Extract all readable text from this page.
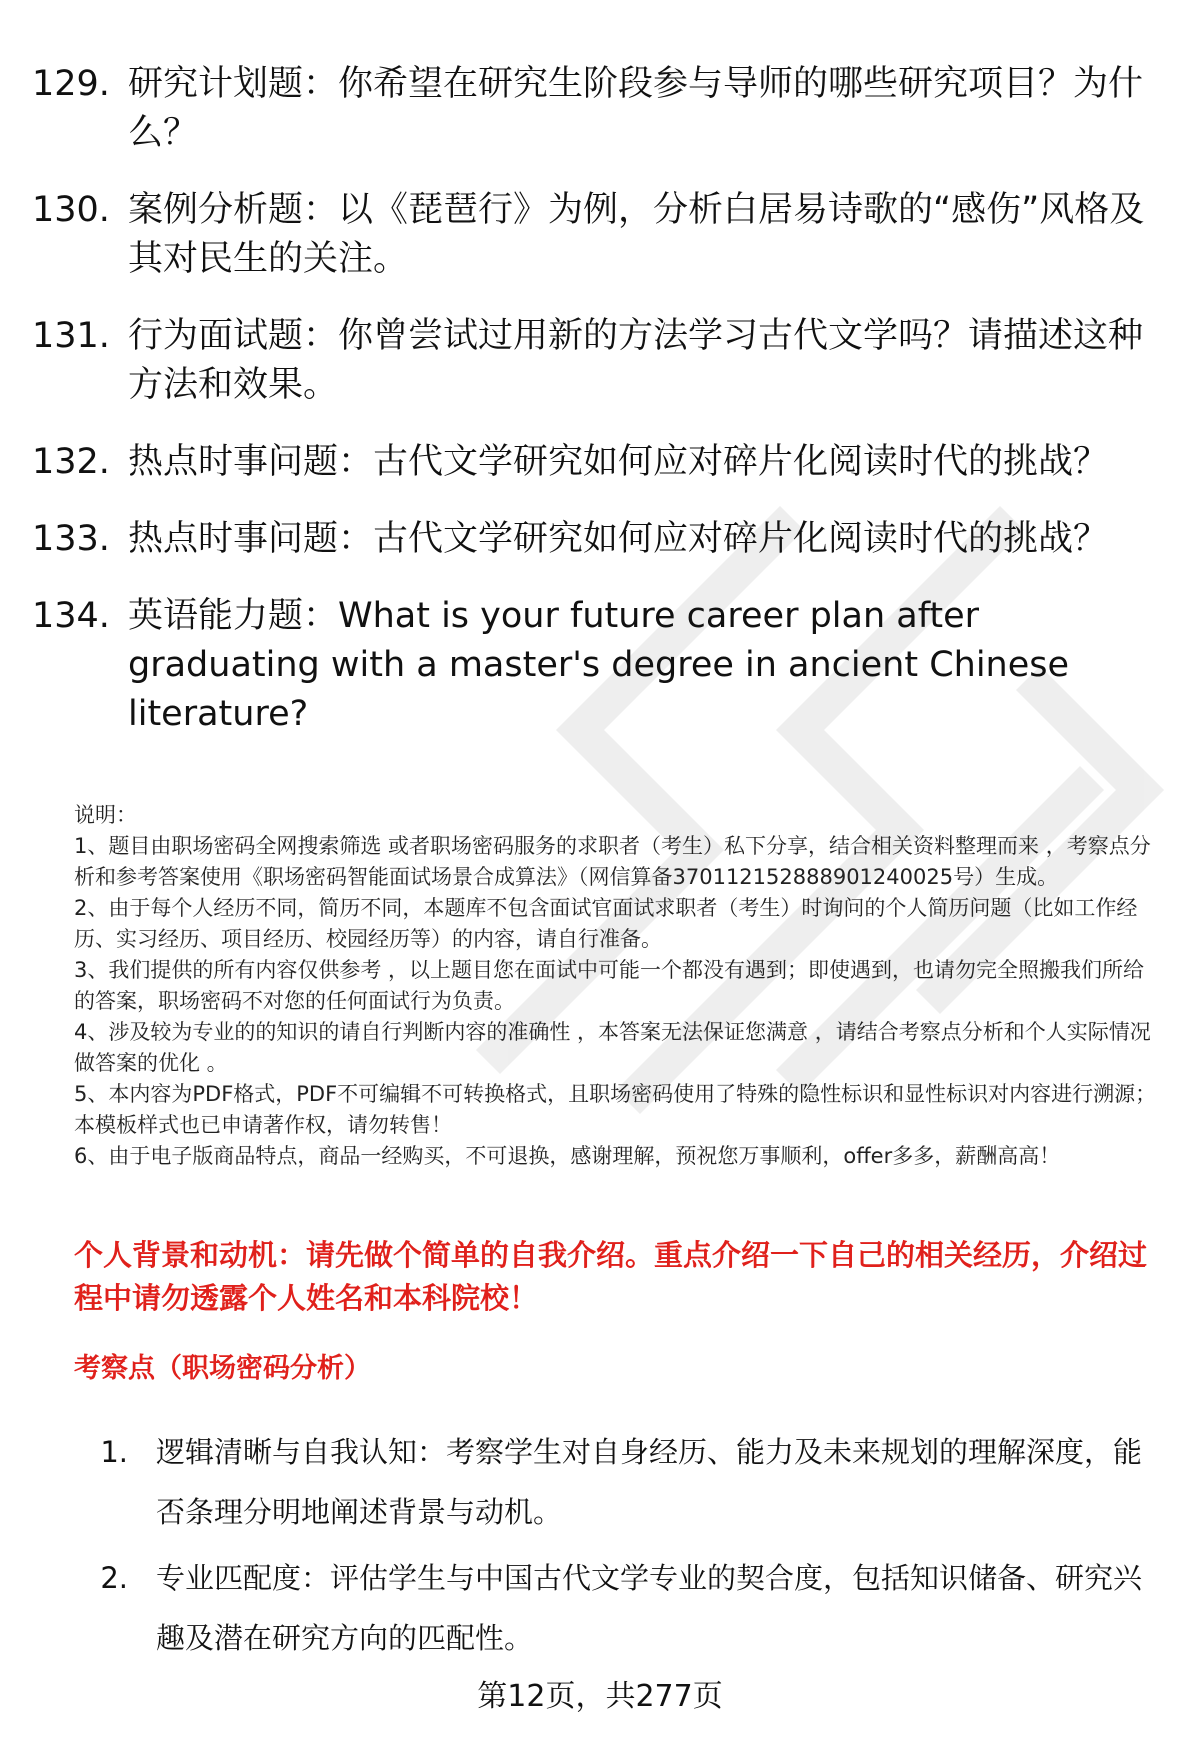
129. 研究计划题：你希望在研究生阶段参与导师的哪些研究项目？为什么？
130. 案例分析题：以《琵琶行》为例，分析白居易诗歌的“感伤”风格及其对民生的关注。
131. 行为面试题：你曾尝试过用新的方法学习古代文学吗？请描述这种方法和效果。
132. 热点时事问题：古代文学研究如何应对碎片化阅读时代的挑战？
133. 热点时事问题：古代文学研究如何应对碎片化阅读时代的挑战？
134. 英语能力题：What is your future career plan after graduating with a master's degree in ancient Chinese literature?

说明：

1、题目由职场密码全网搜索筛选 或者职场密码服务的求职者（考生）私下分享，结合相关资料整理而来 ，考察点分析和参考答案使用《职场密码智能面试场景合成算法》（网信算备370112152888901240025号）生成。

2、由于每个人经历不同，简历不同，本题库不包含面试官面试求职者（考生）时询问的个人简历问题（比如工作经历、实习经历、项目经历、校园经历等）的内容，请自行准备。

3、我们提供的所有内容仅供参考 ，以上题目您在面试中可能一个都没有遇到；即使遇到，也请勿完全照搬我们所给的答案，职场密码不对您的任何面试行为负责。

4、涉及较为专业的的知识的请自行判断内容的准确性 ，本答案无法保证您满意 ，请结合考察点分析和个人实际情况做答案的优化 。

5、本内容为PDF格式，PDF不可编辑不可转换格式，且职场密码使用了特殊的隐性标识和显性标识对内容进行溯源；本模板样式也已申请著作权，请勿转售！

6、由于电子版商品特点，商品一经购买，不可退换，感谢理解，预祝您万事顺利，offer多多，薪酬高高！

个人背景和动机：请先做个简单的自我介绍。重点介绍一下自己的相关经历，介绍过程中请勿透露个人姓名和本科院校！
考察点（职场密码分析）
1. 逻辑清晰与自我认知：考察学生对自身经历、能力及未来规划的理解深度，能否条理分明地阐述背景与动机。
2. 专业匹配度：评估学生与中国古代文学专业的契合度，包括知识储备、研究兴趣及潜在研究方向的匹配性。
第12页，共277页
